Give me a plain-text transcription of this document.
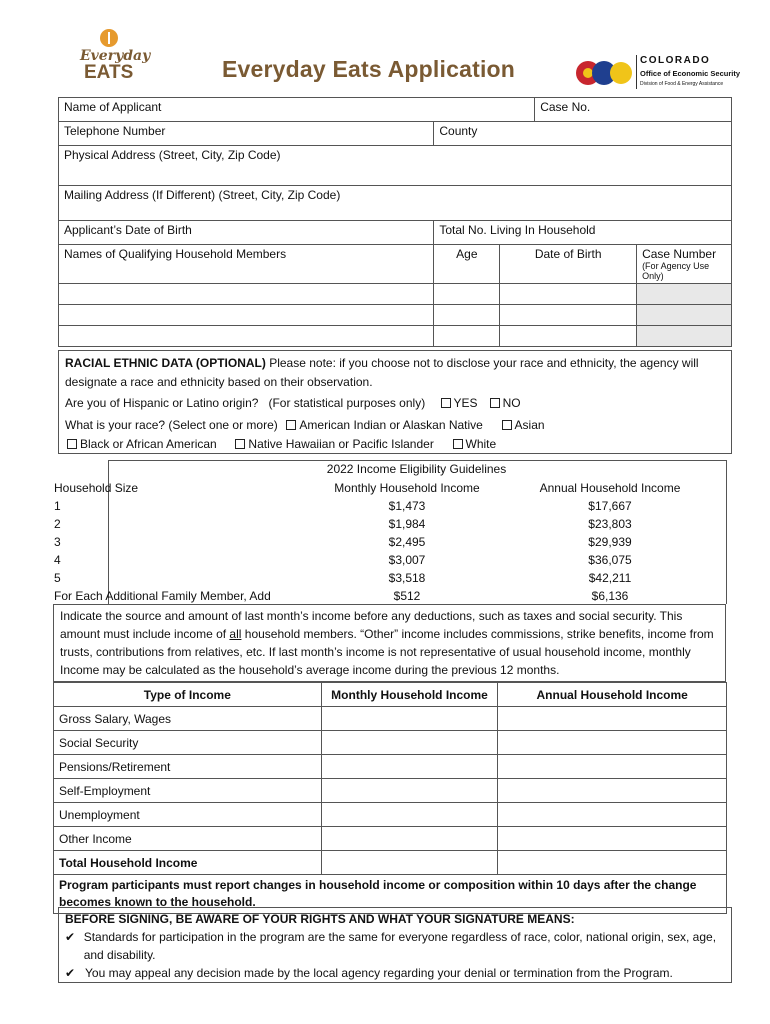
Everyday
EATS	Everyday Eats Application	COLORADO
Office of Economic Security
Division of Food & Energy Assistance
Name of Applicant			Case No.	
Telephone Number	County			
Physical Address (Street, City, Zip Code)				
Mailing Address (If Different) (Street, City, Zip Code)				
Applicant’s Date of Birth	Total No. Living In Household			
Names of Qualifying Household Members	Age	Date of Birth		Case Number
(For Agency Use Only)

RACIAL ETHNIC DATA (OPTIONAL) Please note: if you choose not to disclose your race and ethnicity, the agency will designate a race and ethnicity based on their observation.
Are you of Hispanic or Latino origin? (For statistical purposes only) YES NO
What is your race? (Select one or more) American Indian or Alaskan Native	Asian
Black or African American	Native Hawaiian or Pacific Islander	White
2022 Income Eligibility Guidelines
Household Size	Monthly Household Income	Annual Household Income
1	$1,473	$17,667
2	$1,984	$23,803
3	$2,495	$29,939
4	$3,007	$36,075
5	$3,518	$42,211
For Each Additional Family Member, Add	$512	$6,136
Indicate the source and amount of last month’s income before any deductions, such as taxes and social security. This amount must include income of all household members. “Other” income includes commissions, strike benefits, income from trusts, contributions from relatives, etc. If last month’s income is not representative of usual household income, monthly Income may be calculated as the household’s average income during the previous 12 months.
Type of Income	Monthly Household Income	Annual Household Income
Gross Salary, Wages		
Social Security		
Pensions/Retirement		
Self-Employment		
Unemployment		
Other Income		
Total Household Income		
Program participants must report changes in household income or composition within 10 days after the change becomes known to the household.		
BEFORE SIGNING, BE AWARE OF YOUR RIGHTS AND WHAT YOUR SIGNATURE MEANS:
✔ Standards for participation in the program are the same for everyone regardless of race, color, national origin, sex, age, and disability.
✔ You may appeal any decision made by the local agency regarding your denial or termination from the Program.
